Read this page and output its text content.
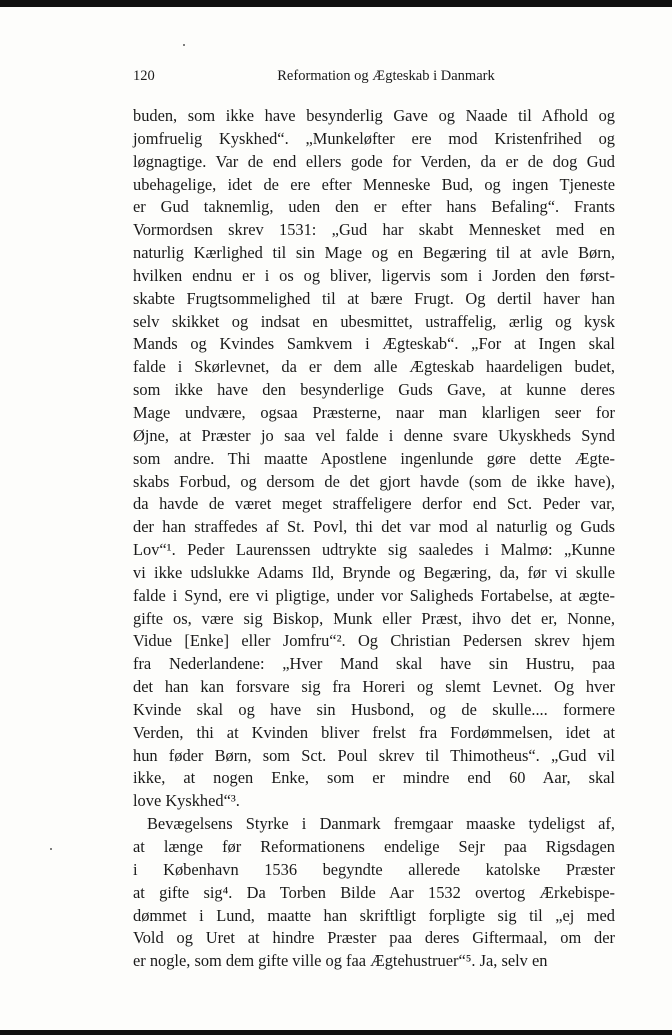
120	Reformation og Ægteskab i Danmark
buden, som ikke have besynderlig Gave og Naade til Afhold og
jomfruelig Kyskhed“. „Munkeløfter ere mod Kristenfrihed og
løgnagtige. Var de end ellers gode for Verden, da er de dog Gud
ubehagelige, idet de ere efter Menneske Bud, og ingen Tjeneste
er Gud taknemlig, uden den er efter hans Befaling“. Frants
Vormordsen skrev 1531: „Gud har skabt Mennesket med en
naturlig Kærlighed til sin Mage og en Begæring til at avle Børn,
hvilken endnu er i os og bliver, ligervis som i Jorden den først-
skabte Frugtsommelighed til at bære Frugt. Og dertil haver han
selv skikket og indsat en ubesmittet, ustraffelig, ærlig og kysk
Mands og Kvindes Samkvem i Ægteskab“. „For at Ingen skal
falde i Skørlevnet, da er dem alle Ægteskab haardeligen budet,
som ikke have den besynderlige Guds Gave, at kunne deres
Mage undvære, ogsaa Præsterne, naar man klarligen seer for
Øjne, at Præster jo saa vel falde i denne svare Ukyskheds Synd
som andre. Thi maatte Apostlene ingenlunde gøre dette Ægte-
skabs Forbud, og dersom de det gjort havde (som de ikke have),
da havde de været meget straffeligere derfor end Sct. Peder var,
der han straffedes af St. Povl, thi det var mod al naturlig og Guds
Lov“¹. Peder Laurenssen udtrykte sig saaledes i Malmø: „Kunne
vi ikke udslukke Adams Ild, Brynde og Begæring, da, før vi skulle
falde i Synd, ere vi pligtige, under vor Saligheds Fortabelse, at ægte-
gifte os, være sig Biskop, Munk eller Præst, ihvo det er, Nonne,
Vidue [Enke] eller Jomfru“². Og Christian Pedersen skrev hjem
fra Nederlandene: „Hver Mand skal have sin Hustru, paa
det han kan forsvare sig fra Horeri og slemt Levnet. Og hver
Kvinde skal og have sin Husbond, og de skulle.... formere
Verden, thi at Kvinden bliver frelst fra Fordømmelsen, idet at
hun føder Børn, som Sct. Poul skrev til Thimotheus“. „Gud vil
ikke, at nogen Enke, som er mindre end 60 Aar, skal
love Kyskhed“³.
Bevægelsens Styrke i Danmark fremgaar maaske tydeligst af,
at længe før Reformationens endelige Sejr paa Rigsdagen
i København 1536 begyndte allerede katolske Præster
at gifte sig⁴. Da Torben Bilde Aar 1532 overtog Ærkebispe-
dømmet i Lund, maatte han skriftligt forpligte sig til „ej med
Vold og Uret at hindre Præster paa deres Giftermaal, om der
er nogle, som dem gifte ville og faa Ægtehustruer“⁵. Ja, selv en
